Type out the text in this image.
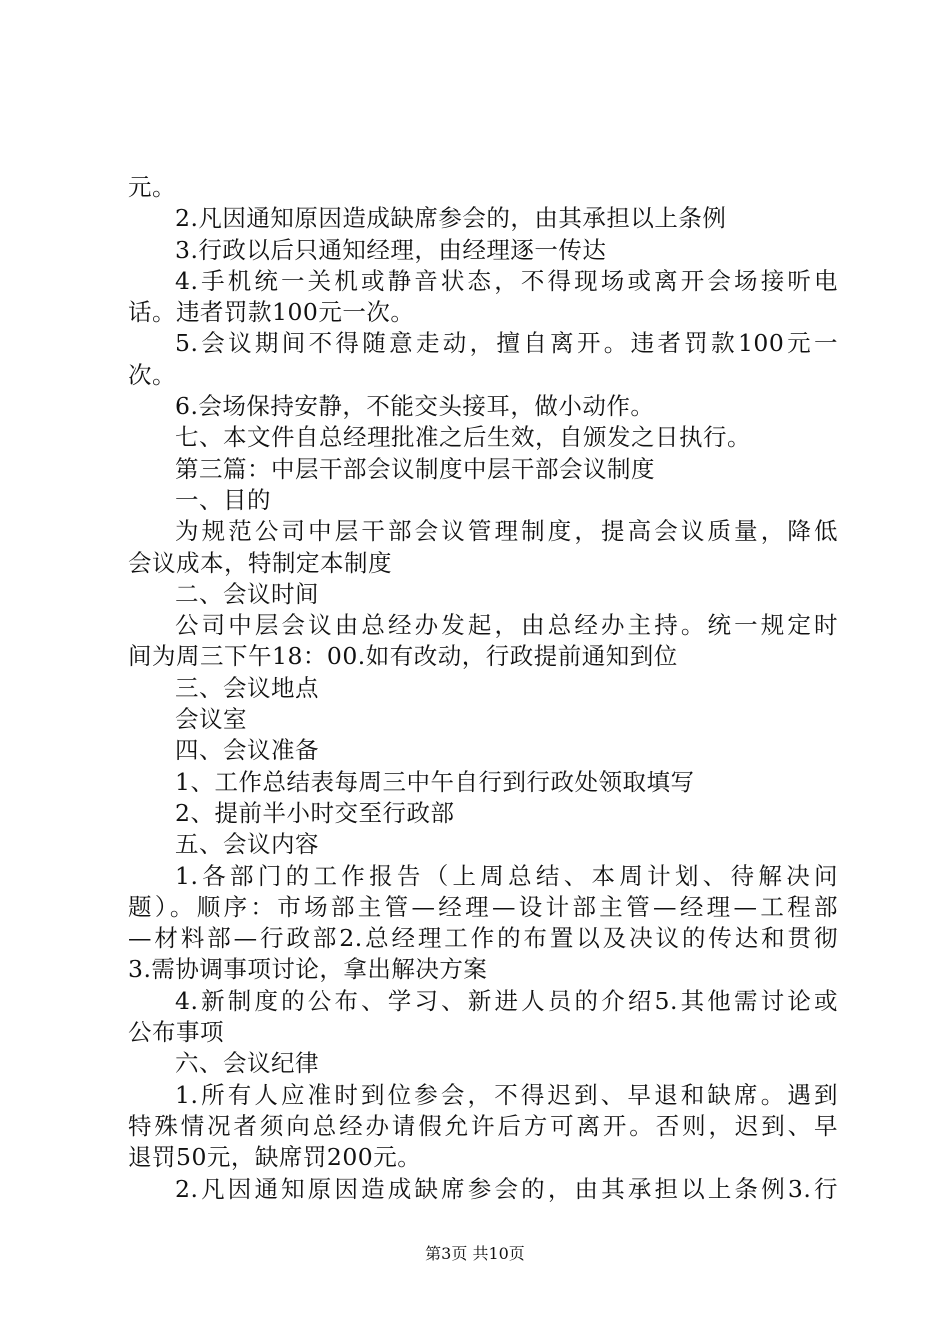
元。
2.凡因通知原因造成缺席参会的，由其承担以上条例
3.行政以后只通知经理，由经理逐一传达
4.手机统一关机或静音状态，不得现场或离开会场接听电
话。违者罚款100元一次。
5.会议期间不得随意走动，擅自离开。违者罚款100元一
次。
6.会场保持安静，不能交头接耳，做小动作。
七、本文件自总经理批准之后生效，自颁发之日执行。
第三篇：中层干部会议制度中层干部会议制度
一、目的
为规范公司中层干部会议管理制度，提高会议质量，降低
会议成本，特制定本制度
二、会议时间
公司中层会议由总经办发起，由总经办主持。统一规定时
间为周三下午18：00.如有改动，行政提前通知到位
三、会议地点
会议室
四、会议准备
1、工作总结表每周三中午自行到行政处领取填写
2、提前半小时交至行政部
五、会议内容
1.各部门的工作报告（上周总结、本周计划、待解决问
题）。顺序：市场部主管—经理—设计部主管—经理—工程部
—材料部—行政部2.总经理工作的布置以及决议的传达和贯彻
3.需协调事项讨论，拿出解决方案
4.新制度的公布、学习、新进人员的介绍5.其他需讨论或
公布事项
六、会议纪律
1.所有人应准时到位参会，不得迟到、早退和缺席。遇到
特殊情况者须向总经办请假允许后方可离开。否则，迟到、早
退罚50元，缺席罚200元。
2.凡因通知原因造成缺席参会的，由其承担以上条例3.行
第3页 共10页
